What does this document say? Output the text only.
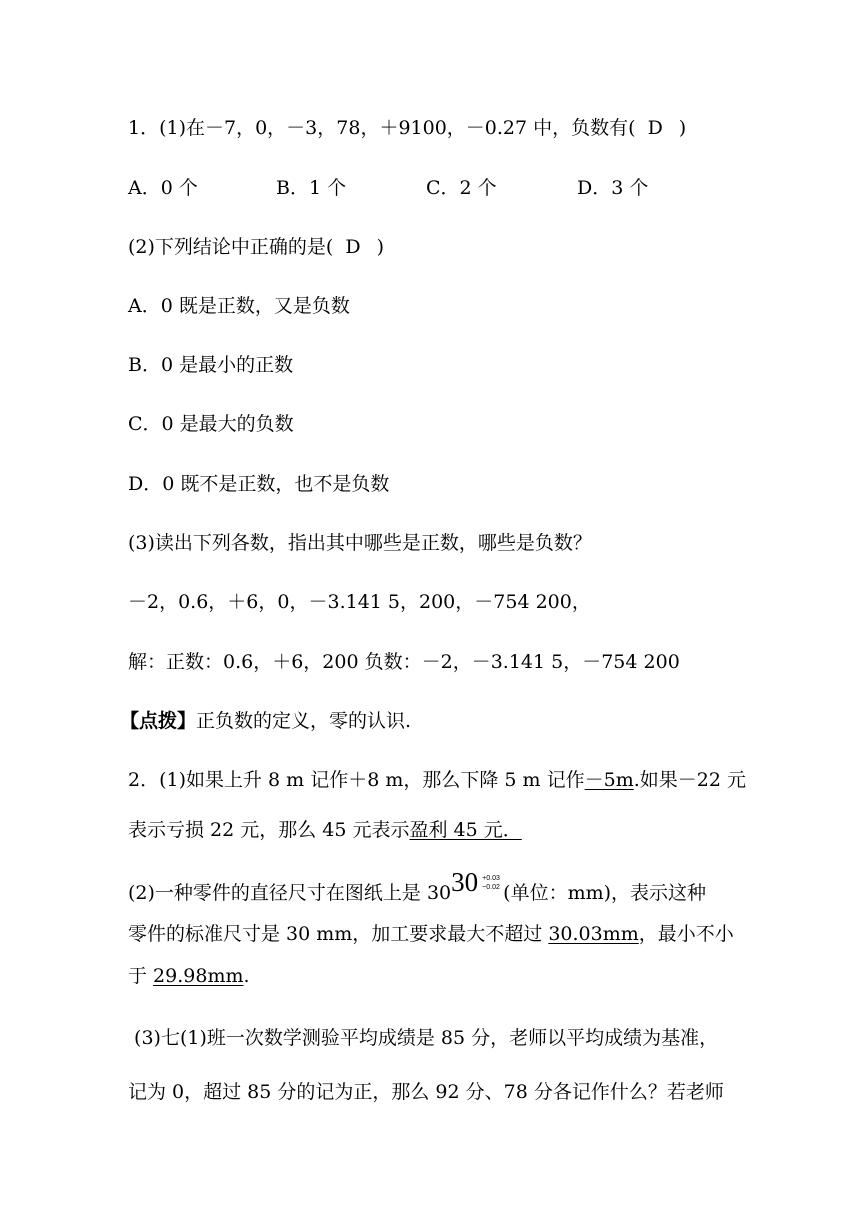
1．(1)在－7，0，－3，78，＋9100，－0.27 中，负数有( D )
A．0 个	B．1 个	C．2 个	D．3 个
(2)下列结论中正确的是( D )
A．0 既是正数，又是负数
B．0 是最小的正数
C．0 是最大的负数
D．0 既不是正数，也不是负数
(3)读出下列各数，指出其中哪些是正数，哪些是负数？
－2，0.6，＋6，0，－3.141 5，200，－754 200，
解：正数：0.6，＋6，200 负数：－2，－3.141 5，－754 200
【点拨】正负数的定义，零的认识.
2．(1)如果上升 8 m 记作＋8 m，那么下降 5 m 记作－5m.如果－22 元
表示亏损 22 元，那么 45 元表示盈利 45 元．
(2)一种零件的直径尺寸在图纸上是 30 30 +0.03
−0.02
(单位：mm)，表示这种
零件的标准尺寸是 30 mm，加工要求最大不超过 30.03mm，最小不小
于 29.98mm.
(3)七(1)班一次数学测验平均成绩是 85 分，老师以平均成绩为基准，
记为 0，超过 85 分的记为正，那么 92 分、78 分各记作什么？若老师
